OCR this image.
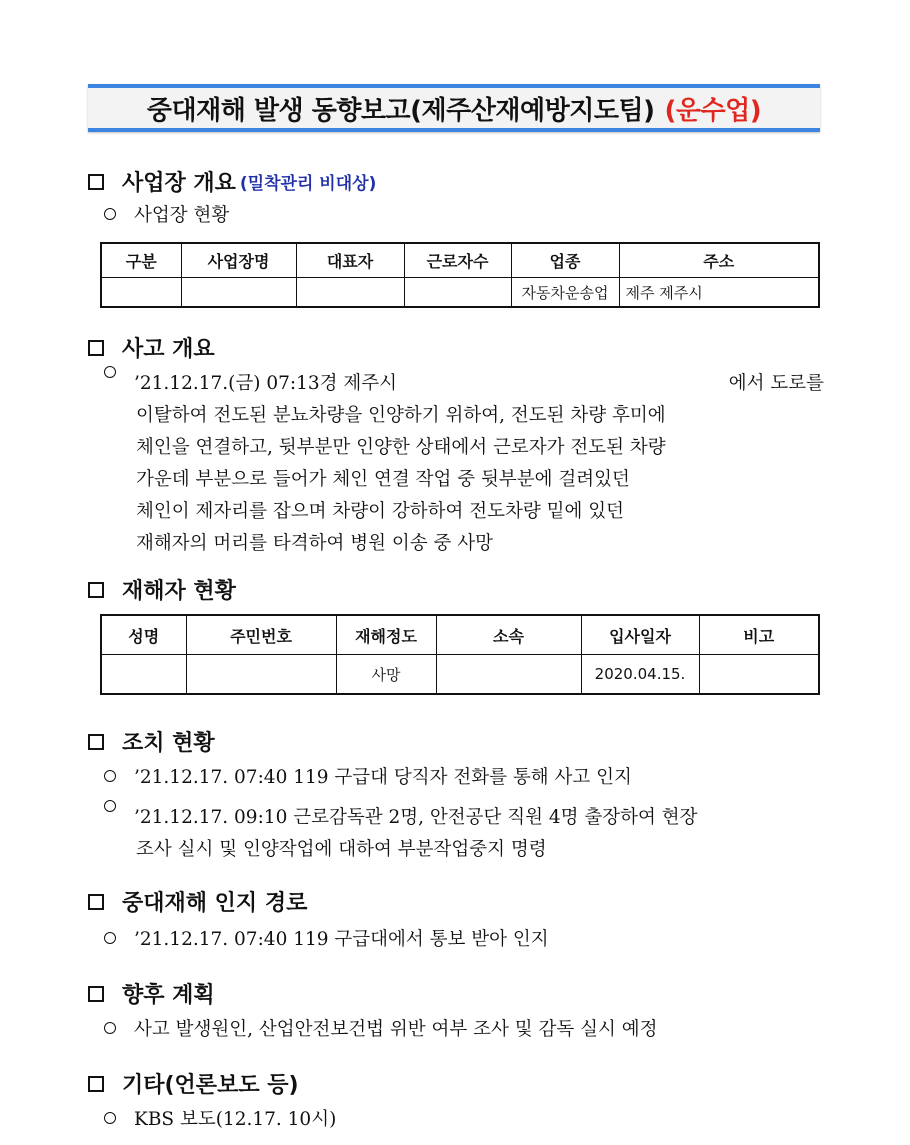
중대재해 발생 동향보고(제주산재예방지도팀) (운수업)
사업장 개요 (밀착관리 비대상)
사업장 현황
구분	사업장명	대표자	근로자수	업종	주소
				자동차운송업	제주 제주시
사고 개요
’21.12.17.(금) 07:13경 제주시	에서 도로를
이탈하여 전도된 분뇨차량을 인양하기 위하여, 전도된 차량 후미에
체인을 연결하고, 뒷부분만 인양한 상태에서 근로자가 전도된 차량
가운데 부분으로 들어가 체인 연결 작업 중 뒷부분에 걸려있던
체인이 제자리를 잡으며 차량이 강하하여 전도차량 밑에 있던
재해자의 머리를 타격하여 병원 이송 중 사망
재해자 현황
성명	주민번호	재해정도	소속	입사일자	비고
		사망		2020.04.15.	
조치 현황
’21.12.17. 07:40 119 구급대 당직자 전화를 통해 사고 인지
’21.12.17. 09:10 근로감독관 2명, 안전공단 직원 4명 출장하여 현장
조사 실시 및 인양작업에 대하여 부분작업중지 명령
중대재해 인지 경로
’21.12.17. 07:40 119 구급대에서 통보 받아 인지
향후 계획
사고 발생원인, 산업안전보건법 위반 여부 조사 및 감독 실시 예정
기타(언론보도 등)
KBS 보도(12.17. 10시)
